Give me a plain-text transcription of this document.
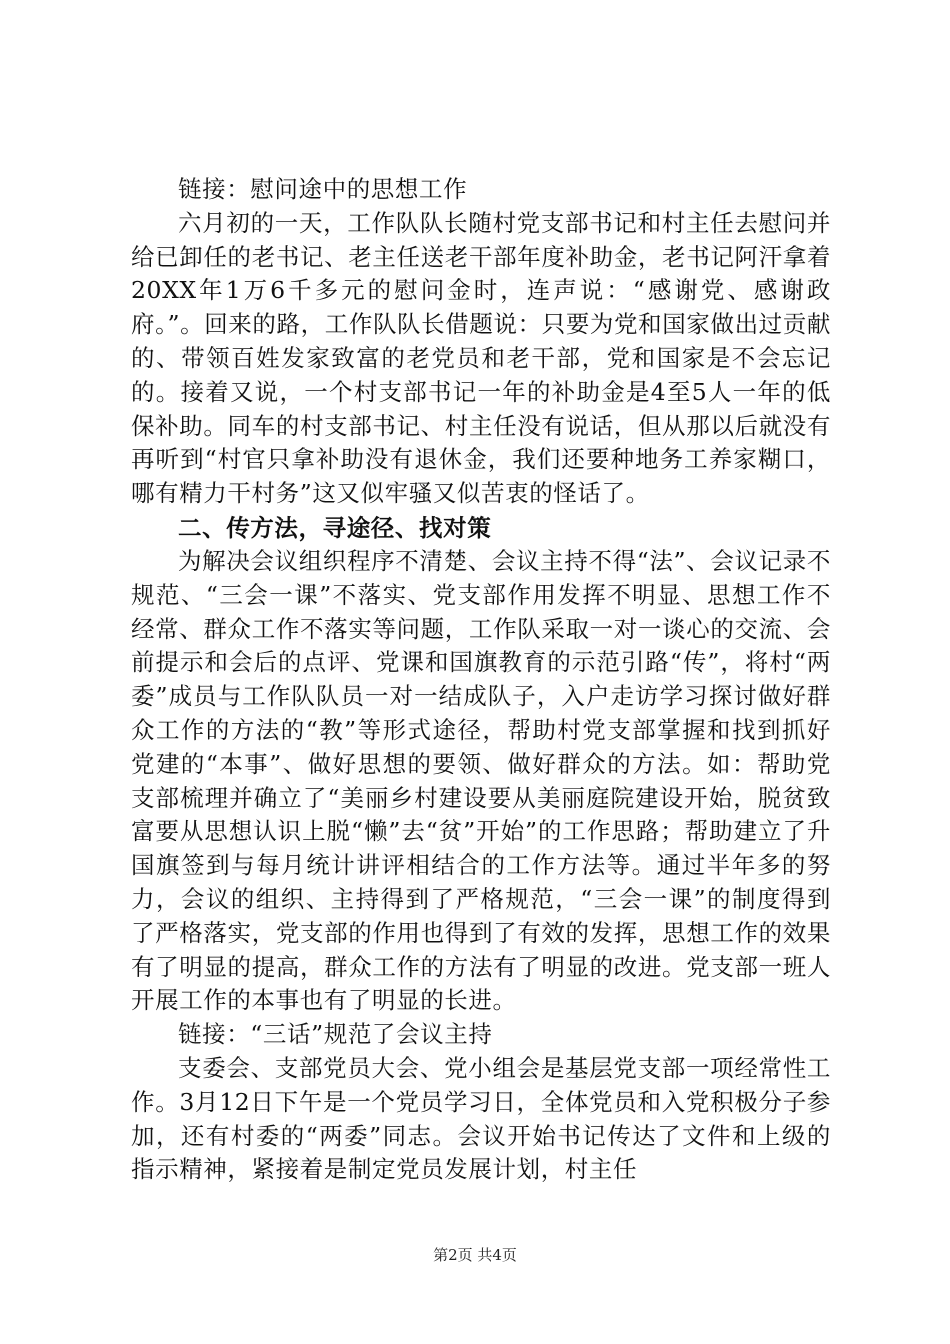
链接：慰问途中的思想工作

六月初的一天，工作队队长随村党支部书记和村主任去慰问并给已卸任的老书记、老主任送老干部年度补助金，老书记阿汗拿着20XX年1万6千多元的慰问金时，连声说：“感谢党、感谢政府。”。回来的路，工作队队长借题说：只要为党和国家做出过贡献的、带领百姓发家致富的老党员和老干部，党和国家是不会忘记的。接着又说，一个村支部书记一年的补助金是4至5人一年的低保补助。同车的村支部书记、村主任没有说话，但从那以后就没有再听到“村官只拿补助没有退休金，我们还要种地务工养家糊口，哪有精力干村务”这又似牢骚又似苦衷的怪话了。

二、传方法，寻途径、找对策

为解决会议组织程序不清楚、会议主持不得“法”、会议记录不规范、“三会一课”不落实、党支部作用发挥不明显、思想工作不经常、群众工作不落实等问题，工作队采取一对一谈心的交流、会前提示和会后的点评、党课和国旗教育的示范引路“传”，将村“两委”成员与工作队队员一对一结成队子，入户走访学习探讨做好群众工作的方法的“教”等形式途径，帮助村党支部掌握和找到抓好党建的“本事”、做好思想的要领、做好群众的方法。如：帮助党支部梳理并确立了“美丽乡村建设要从美丽庭院建设开始，脱贫致富要从思想认识上脱“懒”去“贫”开始”的工作思路；帮助建立了升国旗签到与每月统计讲评相结合的工作方法等。通过半年多的努力，会议的组织、主持得到了严格规范，“三会一课”的制度得到了严格落实，党支部的作用也得到了有效的发挥，思想工作的效果有了明显的提高，群众工作的方法有了明显的改进。党支部一班人开展工作的本事也有了明显的长进。

链接：“三话”规范了会议主持

支委会、支部党员大会、党小组会是基层党支部一项经常性工作。3月12日下午是一个党员学习日，全体党员和入党积极分子参加，还有村委的“两委”同志。会议开始书记传达了文件和上级的指示精神，紧接着是制定党员发展计划，村主任

第2页 共4页
